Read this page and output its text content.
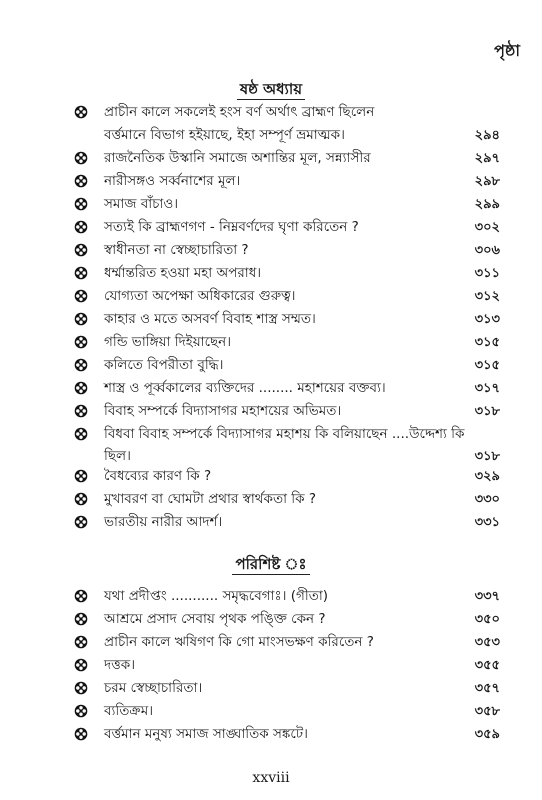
পৃষ্ঠা
ষষ্ঠ অধ্যায়
প্রাচীন কালে সকলেই হংস বর্ণ অর্থাৎ ব্রাহ্মণ ছিলেন
বর্ত্তমানে বিভাগ হইয়াছে, ইহা সম্পূর্ণ ভ্রমাত্মক।	২৯৪
রাজনৈতিক উস্কানি সমাজে অশান্তির মূল, সন্ন্যাসীর	২৯৭
নারীসঙ্গও সর্ব্বনাশের মূল।	২৯৮
সমাজ বাঁচাও।	২৯৯
সত্যই কি ব্রাহ্মণগণ - নিম্নবর্ণদের ঘৃণা করিতেন ?	৩০২
স্বাধীনতা না স্বেচ্ছাচারিতা ?	৩০৬
ধর্ম্মান্তরিত হওয়া মহা অপরাধ।	৩১১
যোগ্যতা অপেক্ষা অধিকারের গুরুত্ব।	৩১২
কাহার ও মতে অসবর্ণ বিবাহ শাস্ত্র সম্মত।	৩১৩
গন্ডি ভাঙ্গিয়া দিইয়াছেন।	৩১৫
কলিতে বিপরীতা বুদ্ধি।	৩১৫
শাস্ত্র ও পূর্ব্বকালের ব্যক্তিদের ........ মহাশয়ের বক্তব্য।	৩১৭
বিবাহ সম্পর্কে বিদ্যাসাগর মহাশয়ের অভিমত।	৩১৮
বিধবা বিবাহ সম্পর্কে বিদ্যাসাগর মহাশয় কি বলিয়াছেন ....উদ্দেশ্য কি
ছিল।	৩১৮
বৈধব্যের কারণ কি ?	৩২৯
মুখাবরণ বা ঘোমটা প্রথার স্বার্থকতা কি ?	৩৩০
ভারতীয় নারীর আদর্শ।	৩৩১
পরিশিষ্ট ঃ
যথা প্রদীপ্তং ........... সমৃদ্ধবেগাঃ। (গীতা)	৩৩৭
আশ্রমে প্রসাদ সেবায় পৃথক পঙ্ক্তি কেন ?	৩৫০
প্রাচীন কালে ঋষিগণ কি গো মাংসভক্ষণ করিতেন ?	৩৫৩
দত্তক।	৩৫৫
চরম স্বেচ্ছাচারিতা।	৩৫৭
ব্যতিক্রম।	৩৫৮
বর্ত্তমান মনুষ্য সমাজ সাঙ্ঘাতিক সঙ্কটে।	৩৫৯
xxviii
